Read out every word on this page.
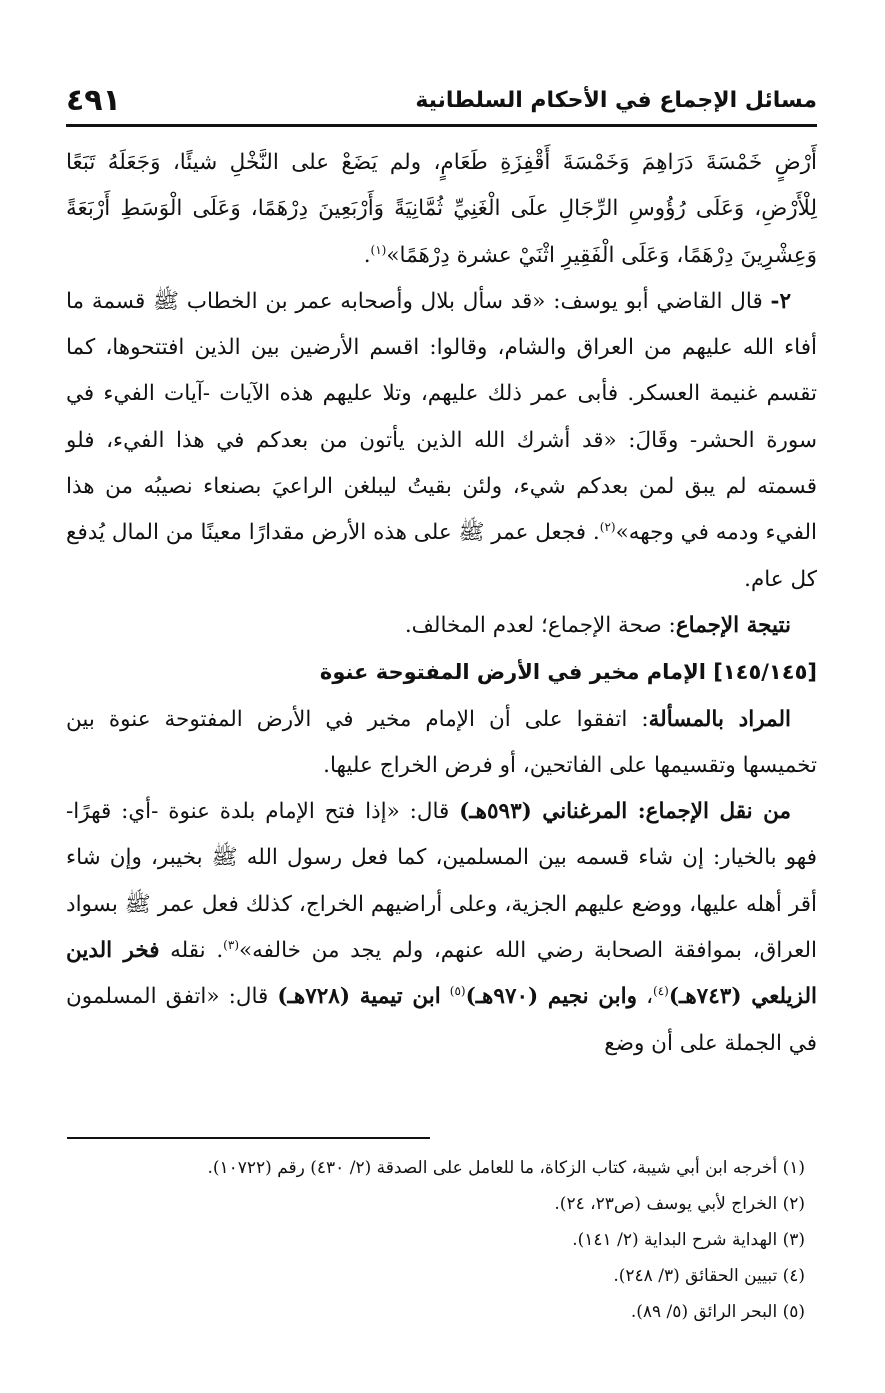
مسائل الإجماع في الأحكام السلطانية
٤٩١

أَرْضٍ خَمْسَةَ دَرَاهِمَ وَخَمْسَةَ أَقْفِزَةِ طَعَامٍ، ولم يَضَعْ على النَّخْلِ شيئًا، وَجَعَلَهُ تَبَعًا لِلْأَرْضِ، وَعَلَى رُؤُوسِ الرِّجَالِ علَى الْغَنِيِّ ثُمَّانِيَةً وَأَرْبَعِينَ دِرْهَمًا، وَعَلَى الْوَسَطِ أَرْبَعَةً وَعِشْرِينَ دِرْهَمًا، وَعَلَى الْفَقِيرِ اثْنَيْ عشرة دِرْهَمًا»$^{(١)}$.

٢- قال القاضي أبو يوسف: «قد سأل بلال وأصحابه عمر بن الخطاب ﷺ قسمة ما أفاء الله عليهم من العراق والشام، وقالوا: اقسم الأرضين بين الذين افتتحوها، كما تقسم غنيمة العسكر. فأبى عمر ذلك عليهم، وتلا عليهم هذه الآيات -آيات الفيء في سورة الحشر- وقَالَ: «قد أشرك الله الذين يأتون من بعدكم في هذا الفيء، فلو قسمته لم يبق لمن بعدكم شيء، ولئن بقيتُ ليبلغن الراعيَ بصنعاء نصيبُه من هذا الفيء ودمه في وجهه»$^{(٢)}$. فجعل عمر ﷺ على هذه الأرض مقدارًا معينًا من المال يُدفع كل عام.

نتيجة الإجماع: صحة الإجماع؛ لعدم المخالف.

[١٤٥/١٤٥] الإمام مخير في الأرض المفتوحة عنوة

المراد بالمسألة: اتفقوا على أن الإمام مخير في الأرض المفتوحة عنوة بين تخميسها وتقسيمها على الفاتحين، أو فرض الخراج عليها.

من نقل الإجماع: المرغناني (٥٩٣هـ) قال: «إذا فتح الإمام بلدة عنوة -أي: قهرًا- فهو بالخيار: إن شاء قسمه بين المسلمين، كما فعل رسول الله ﷺ بخيبر، وإن شاء أقر أهله عليها، ووضع عليهم الجزية، وعلى أراضيهم الخراج، كذلك فعل عمر ﷺ بسواد العراق، بموافقة الصحابة رضي الله عنهم، ولم يجد من خالفه»$^{(٣)}$. نقله فخر الدين الزيلعي (٧٤٣هـ)$^{(٤)}$، وابن نجيم (٩٧٠هـ)$^{(٥)}$ ابن تيمية (٧٢٨هـ) قال: «اتفق المسلمون في الجملة على أن وضع

(١) أخرجه ابن أبي شيبة، كتاب الزكاة، ما للعامل على الصدقة (٢/ ٤٣٠) رقم (١٠٧٢٢).

(٢) الخراج لأبي يوسف (ص٢٣، ٢٤).

(٣) الهداية شرح البداية (٢/ ١٤١).

(٤) تبيين الحقائق (٣/ ٢٤٨).

(٥) البحر الرائق (٥/ ٨٩).
